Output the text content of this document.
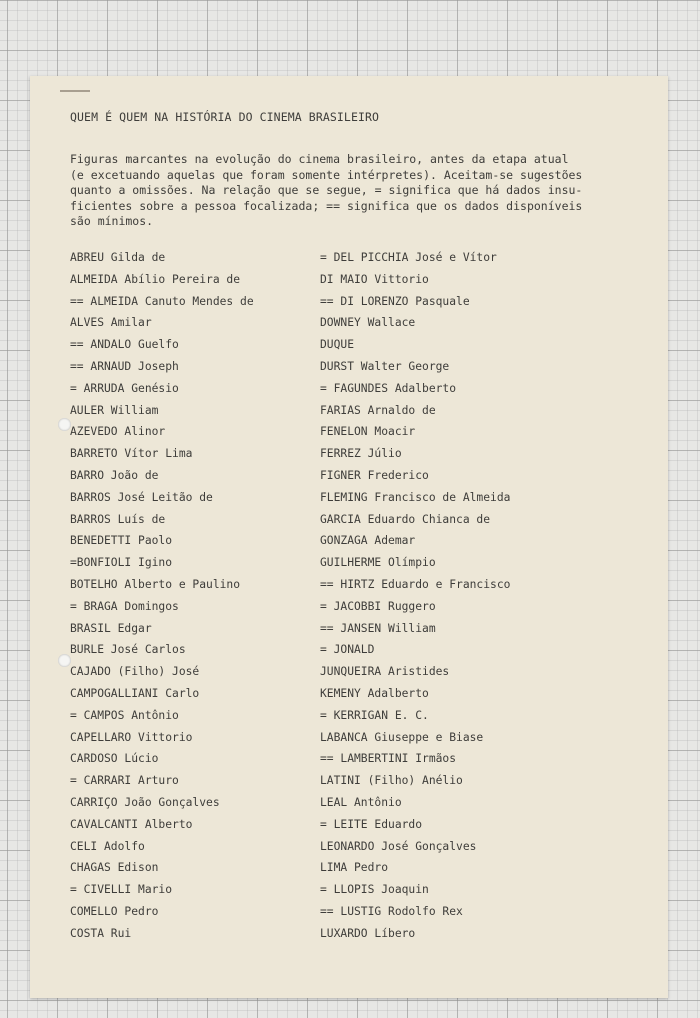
QUEM É QUEM NA HISTÓRIA DO CINEMA BRASILEIRO
Figuras marcantes na evolução do cinema brasileiro, antes da etapa atual
(e excetuando aquelas que foram somente intérpretes). Aceitam-se sugestões
quanto a omissões. Na relação que se segue, = significa que há dados insu-
ficientes sobre a pessoa focalizada; == significa que os dados disponíveis
são mínimos.
ABREU Gilda de
ALMEIDA Abílio Pereira de
== ALMEIDA Canuto Mendes de
ALVES Amilar
== ANDALO Guelfo
== ARNAUD Joseph
= ARRUDA Genésio
AULER William
AZEVEDO Alinor
BARRETO Vítor Lima
BARRO João de
BARROS José Leitão de
BARROS Luís de
BENEDETTI Paolo
=BONFIOLI Igino
BOTELHO Alberto e Paulino
= BRAGA Domingos
BRASIL Edgar
BURLE José Carlos
CAJADO (Filho) José
CAMPOGALLIANI Carlo
= CAMPOS Antônio
CAPELLARO Vittorio
CARDOSO Lúcio
= CARRARI Arturo
CARRIÇO João Gonçalves
CAVALCANTI Alberto
CELI Adolfo
CHAGAS Edison
= CIVELLI Mario
COMELLO Pedro
COSTA Rui
= DEL PICCHIA José e Vítor
DI MAIO Vittorio
== DI LORENZO Pasquale
DOWNEY Wallace
DUQUE
DURST Walter George
= FAGUNDES Adalberto
FARIAS Arnaldo de
FENELON Moacir
FERREZ Júlio
FIGNER Frederico
FLEMING Francisco de Almeida
GARCIA Eduardo Chianca de
GONZAGA Ademar
GUILHERME Olímpio
== HIRTZ Eduardo e Francisco
= JACOBBI Ruggero
== JANSEN William
= JONALD
JUNQUEIRA Aristides
KEMENY Adalberto
= KERRIGAN E. C.
LABANCA Giuseppe e Biase
== LAMBERTINI Irmãos
LATINI (Filho) Anélio
LEAL Antônio
= LEITE Eduardo
LEONARDO José Gonçalves
LIMA Pedro
= LLOPIS Joaquin
== LUSTIG Rodolfo Rex
LUXARDO Líbero
